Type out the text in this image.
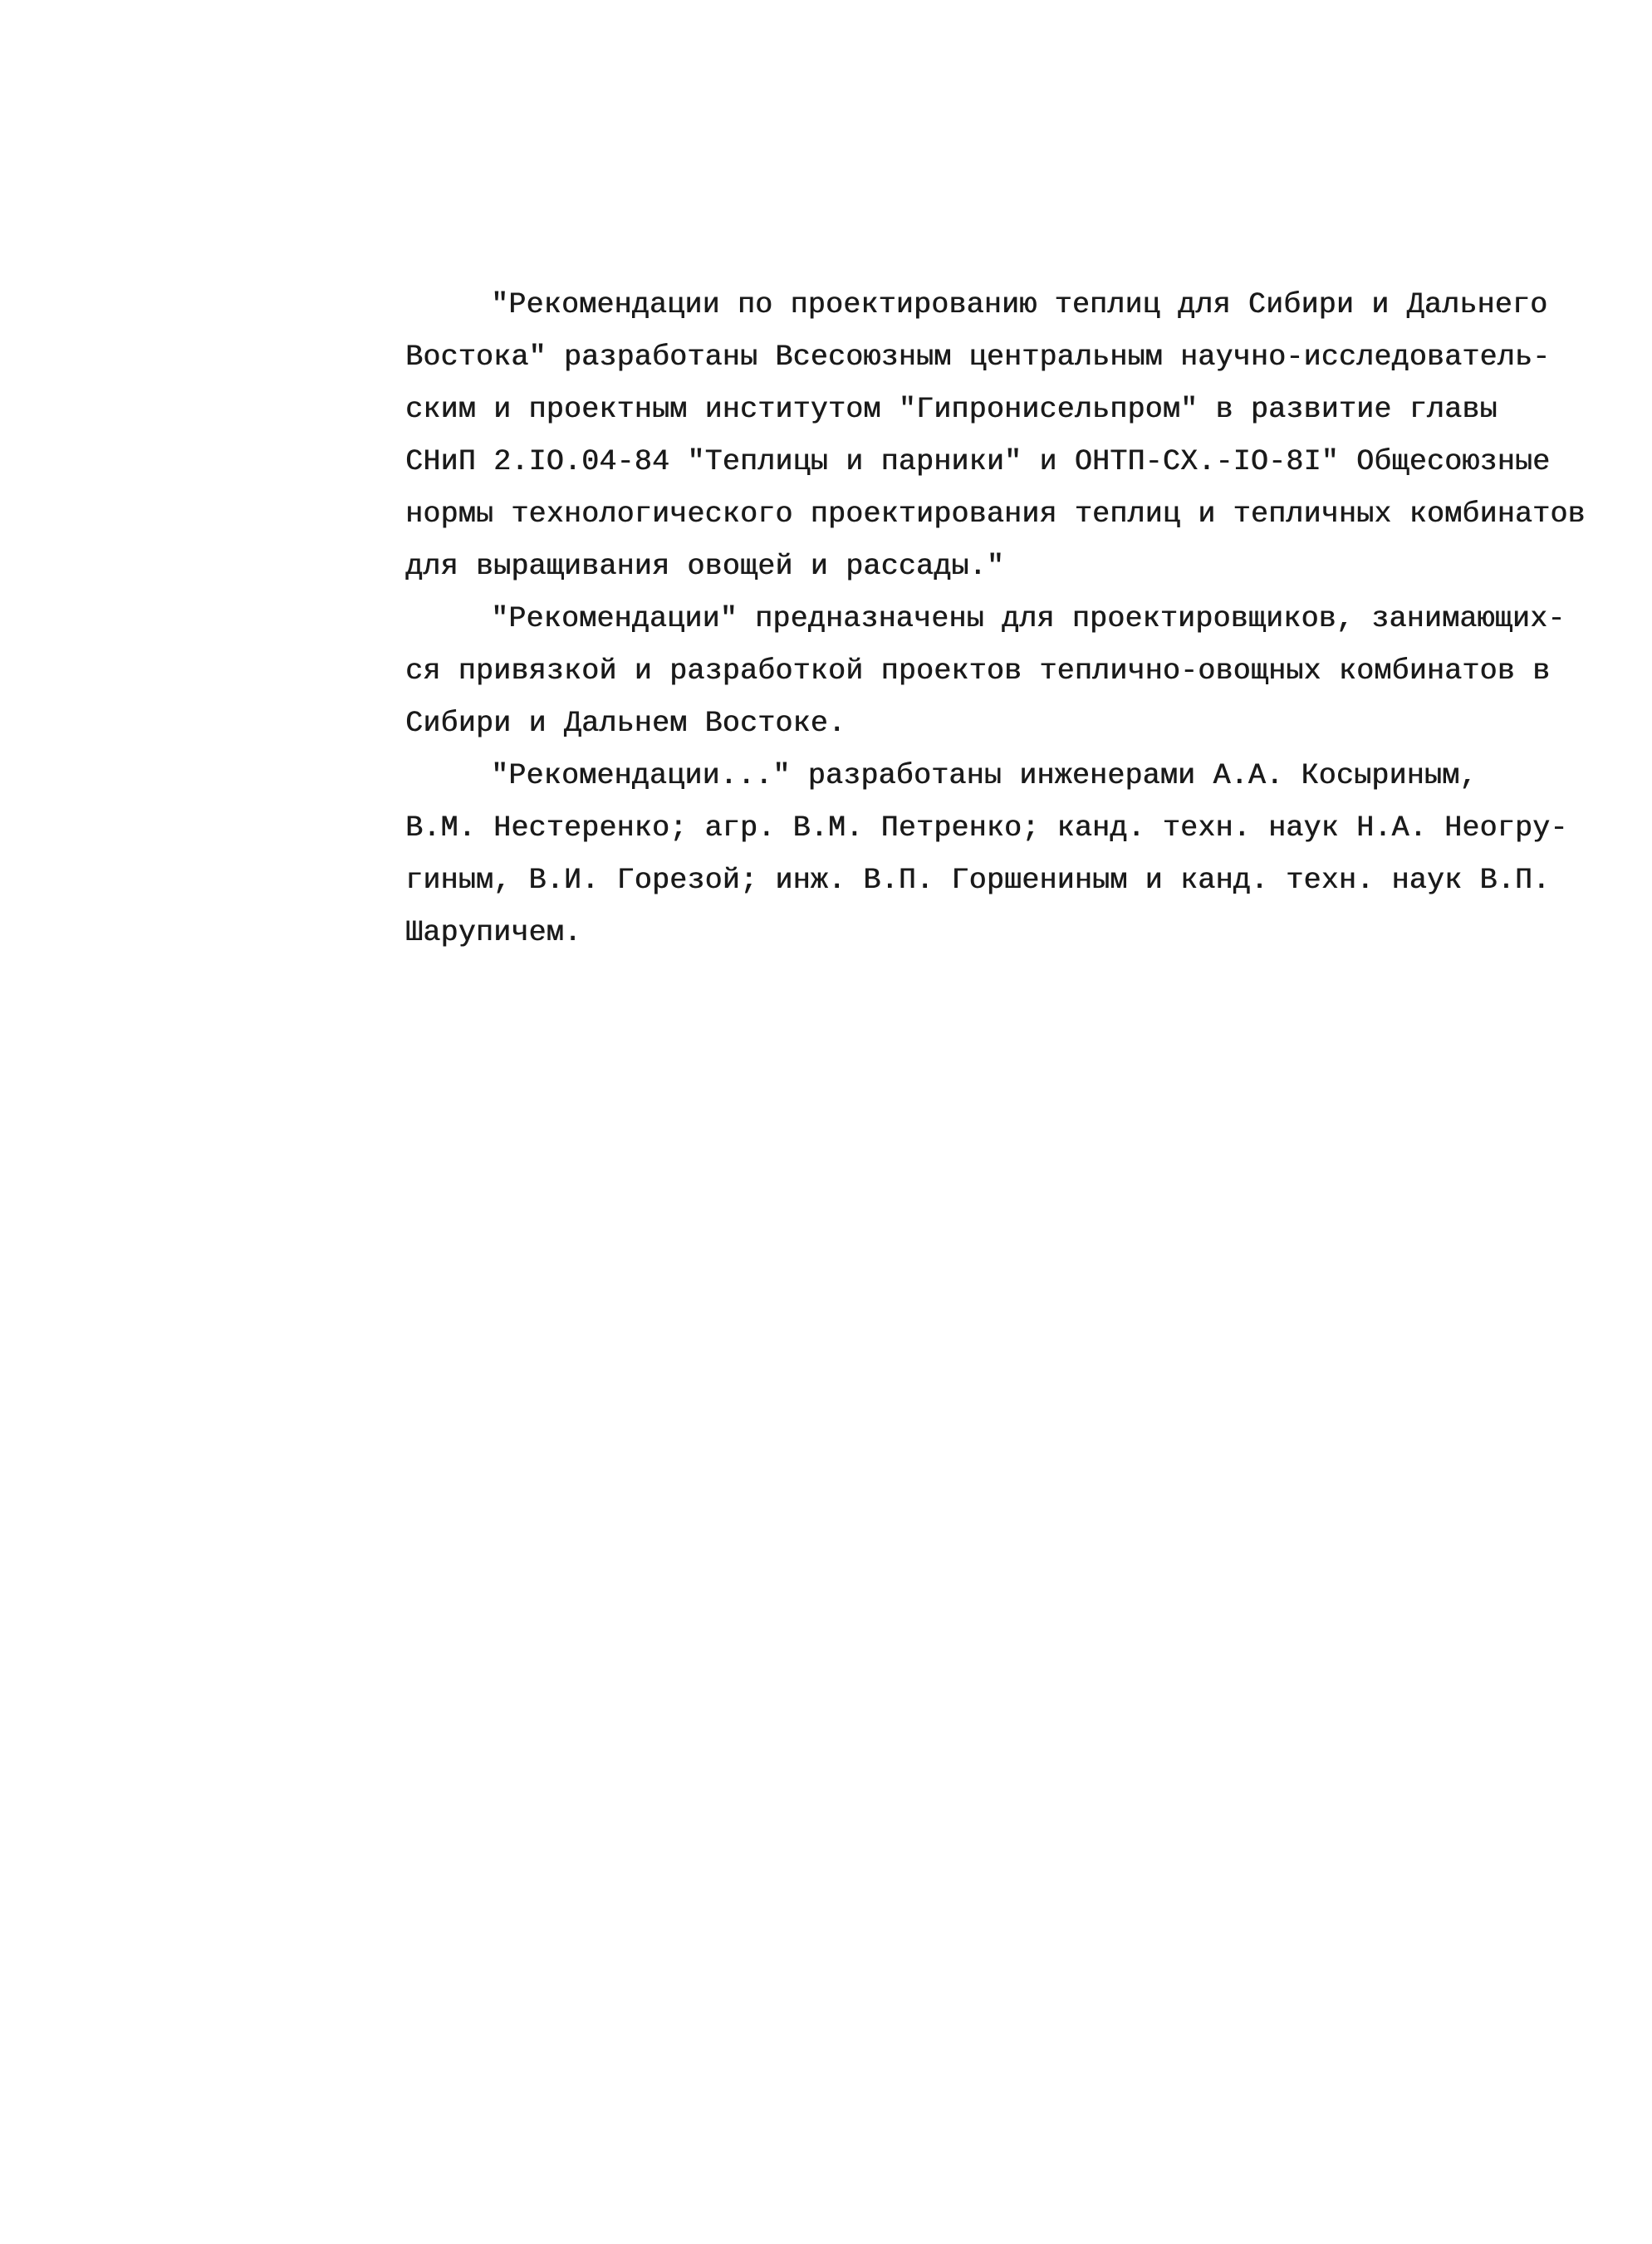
"Рекомендации по проектированию теплиц для Сибири и Дальнего
Востока" разработаны Всесоюзным центральным научно-исследователь-
ским и проектным институтом "Гипронисельпром" в развитие главы
СНиП 2.IO.04-84 "Теплицы и парники" и ОНТП-СХ.-IO-8I" Общесоюзные
нормы технологического проектирования теплиц и тепличных комбинатов
для выращивания овощей и рассады."
"Рекомендации" предназначены для проектировщиков, занимающих-
ся привязкой и разработкой проектов теплично-овощных комбинатов в
Сибири и Дальнем Востоке.
"Рекомендации..." разработаны инженерами А.А. Косыриным,
В.М. Нестеренко; агр. В.М. Петренко; канд. техн. наук Н.А. Неогру-
гиным, В.И. Горезой; инж. В.П. Горшениным и канд. техн. наук В.П.
Шарупичем.
